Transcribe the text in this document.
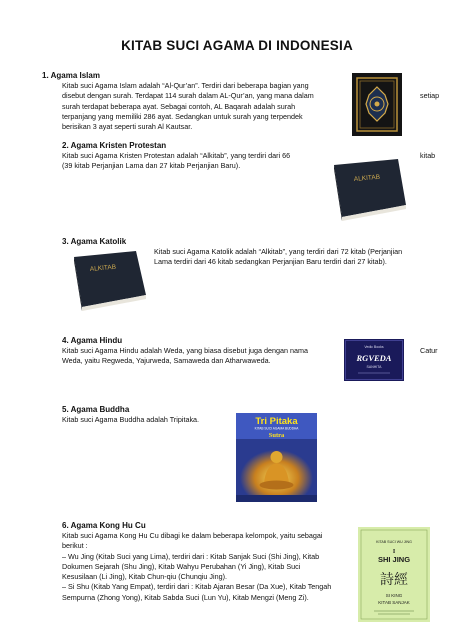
KITAB SUCI AGAMA DI INDONESIA
1. Agama Islam
Kitab suci Agama Islam adalah “Al-Qur’an”. Terdiri dari beberapa bagian yang
disebut dengan surah. Terdapat 114 surah dalam AL-Qur’an, yang mana dalam
surah terdapat beberapa ayat. Sebagai contoh, AL Baqarah adalah surah
terpanjang yang memiliki 286 ayat. Sedangkan untuk surah yang terpendek
berisikan 3 ayat seperti surah Al Kautsar.
setiap
2. Agama Kristen Protestan
Kitab suci Agama Kristen Protestan adalah “Alkitab”, yang terdiri dari 66
(39 kitab Perjanjian Lama dan 27 kitab Perjanjian Baru).
kitab
ALKITAB
3. Agama Katolik
Kitab suci Agama Katolik adalah “Alkitab”, yang terdiri dari 72 kitab (Perjanjian
Lama terdiri dari 46 kitab sedangkan Perjanjian Baru terdiri dari 27 kitab).
ALKITAB
4. Agama Hindu
Kitab suci Agama Hindu adalah Weda, yang biasa disebut juga dengan nama
Weda, yaitu Regweda, Yajurweda, Samaweda dan Atharwaweda.
Catur
Vedic Books
RGVEDA
SANHITA
5. Agama Buddha
Kitab suci Agama Buddha adalah Tripitaka.	Tri Pitaka
KITAB SUCI AGAMA BUDDHA
Sutra
6. Agama Kong Hu Cu
Kitab suci Agama Kong Hu Cu dibagi ke dalam beberapa kelompok, yaitu sebagai
berikut :
– Wu Jing (Kitab Suci yang Lima), terdiri dari : Kitab Sanjak Suci (Shi Jing), Kitab
Dokumen Sejarah (Shu Jing), Kitab Wahyu Perubahan (Yi Jing), Kitab Suci
Kesusilaan (Li Jing), Kitab Chun-qiu (Chunqiu Jing).
– Si Shu (Kitab Yang Empat), terdiri dari : Kitab Ajaran Besar (Da Xue), Kitab Tengah
Sempurna (Zhong Yong), Kitab Sabda Suci (Lun Yu), Kitab Mengzi (Meng Zi).
KITAB SUCI WU JING
I
SHI JING
詩經
SI KING
KITAB SANJAK
